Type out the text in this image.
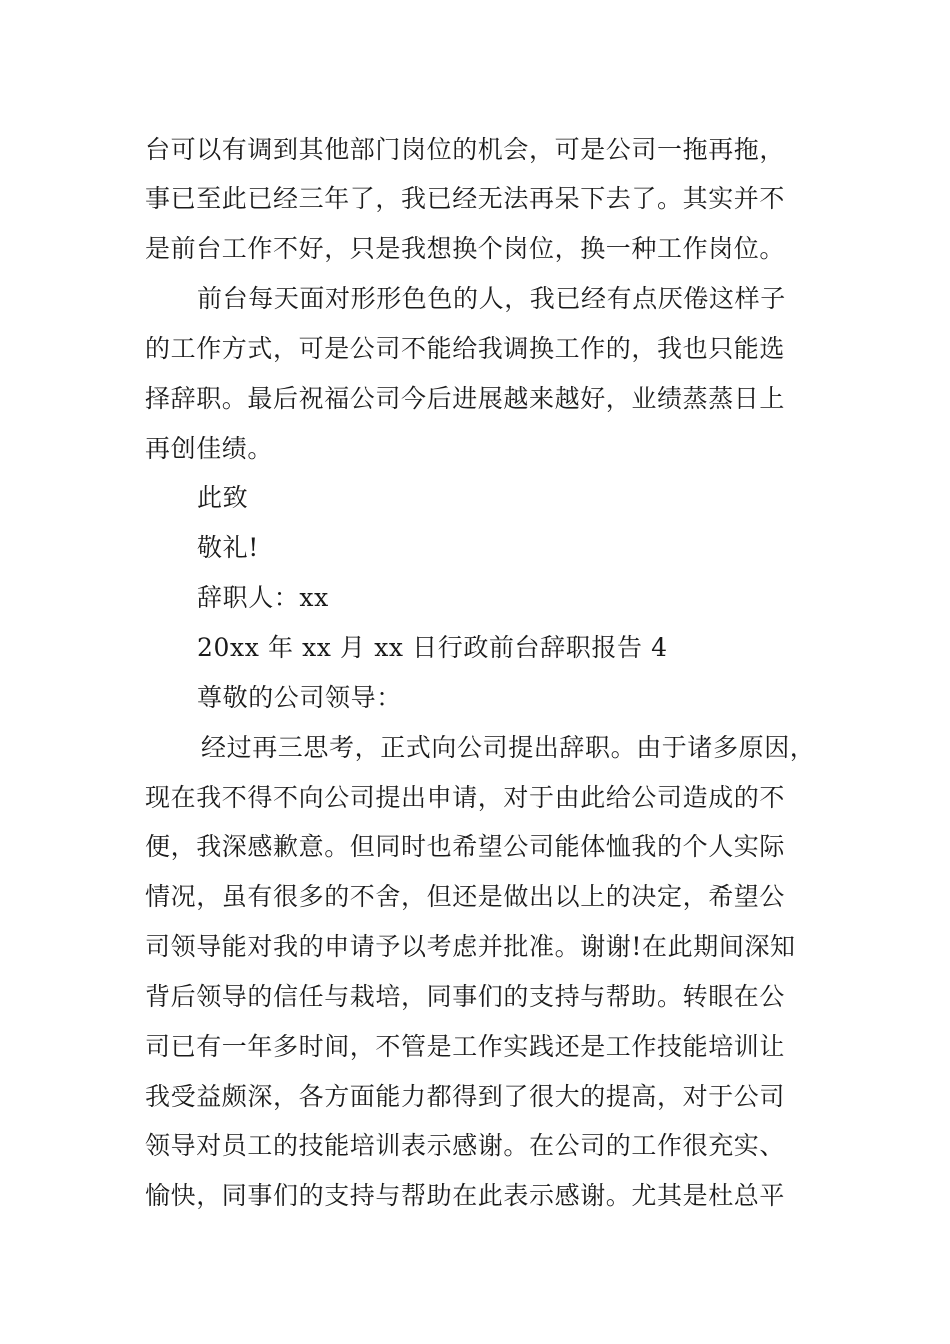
台可以有调到其他部门岗位的机会，可是公司一拖再拖，
事已至此已经三年了，我已经无法再呆下去了。其实并不
是前台工作不好，只是我想换个岗位，换一种工作岗位。
前台每天面对形形色色的人，我已经有点厌倦这样子
的工作方式，可是公司不能给我调换工作的，我也只能选
择辞职。最后祝福公司今后进展越来越好，业绩蒸蒸日上
再创佳绩。
此致
敬礼!
辞职人：xx
20xx 年 xx 月 xx 日行政前台辞职报告 4
尊敬的公司领导：
经过再三思考，正式向公司提出辞职。由于诸多原因，
现在我不得不向公司提出申请，对于由此给公司造成的不
便，我深感歉意。但同时也希望公司能体恤我的个人实际
情况，虽有很多的不舍，但还是做出以上的决定，希望公
司领导能对我的申请予以考虑并批准。谢谢!在此期间深知
背后领导的信任与栽培，同事们的支持与帮助。转眼在公
司已有一年多时间，不管是工作实践还是工作技能培训让
我受益颇深，各方面能力都得到了很大的提高，对于公司
领导对员工的技能培训表示感谢。在公司的工作很充实、
愉快，同事们的支持与帮助在此表示感谢。尤其是杜总平
